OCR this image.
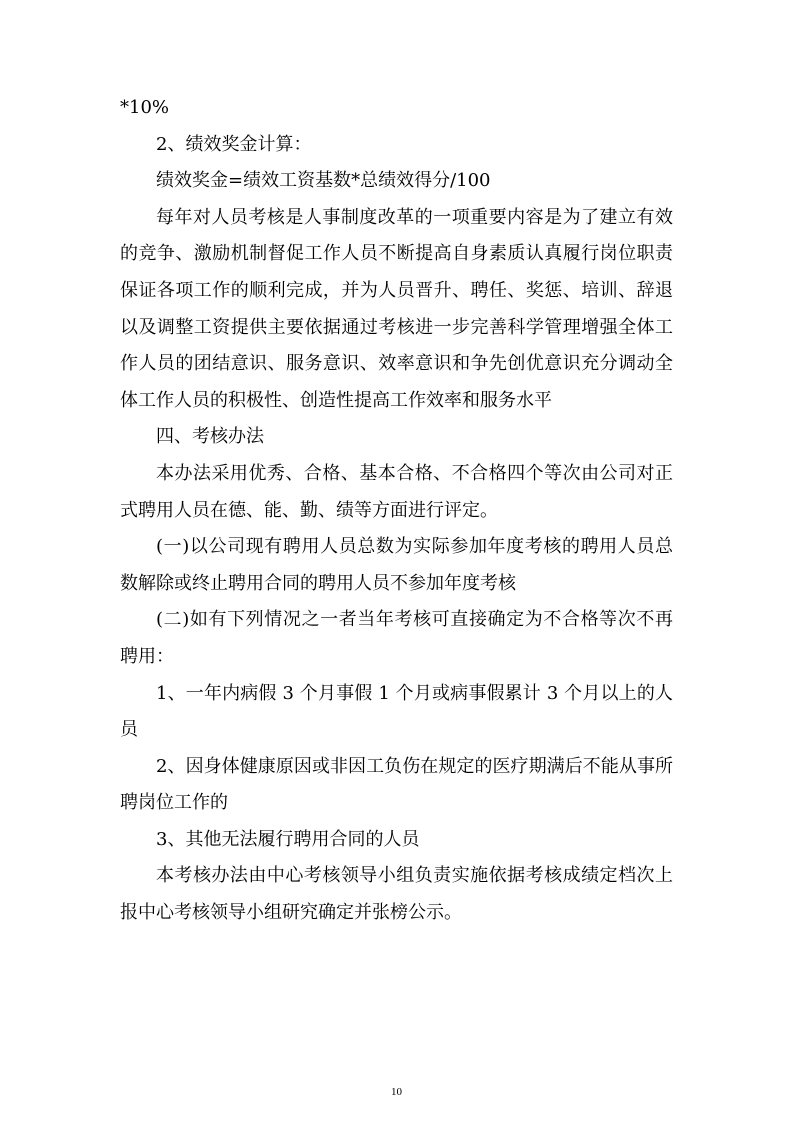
*10%

2、绩效奖金计算：

绩效奖金=绩效工资基数*总绩效得分/100

每年对人员考核是人事制度改革的一项重要内容是为了建立有效的竞争、激励机制督促工作人员不断提高自身素质认真履行岗位职责保证各项工作的顺利完成，并为人员晋升、聘任、奖惩、培训、辞退以及调整工资提供主要依据通过考核进一步完善科学管理增强全体工作人员的团结意识、服务意识、效率意识和争先创优意识充分调动全体工作人员的积极性、创造性提高工作效率和服务水平

四、考核办法

本办法采用优秀、合格、基本合格、不合格四个等次由公司对正式聘用人员在德、能、勤、绩等方面进行评定。

(一)以公司现有聘用人员总数为实际参加年度考核的聘用人员总数解除或终止聘用合同的聘用人员不参加年度考核

(二)如有下列情况之一者当年考核可直接确定为不合格等次不再聘用：

1、一年内病假 3 个月事假 1 个月或病事假累计 3 个月以上的人员

2、因身体健康原因或非因工负伤在规定的医疗期满后不能从事所聘岗位工作的

3、其他无法履行聘用合同的人员

本考核办法由中心考核领导小组负责实施依据考核成绩定档次上报中心考核领导小组研究确定并张榜公示。

10
